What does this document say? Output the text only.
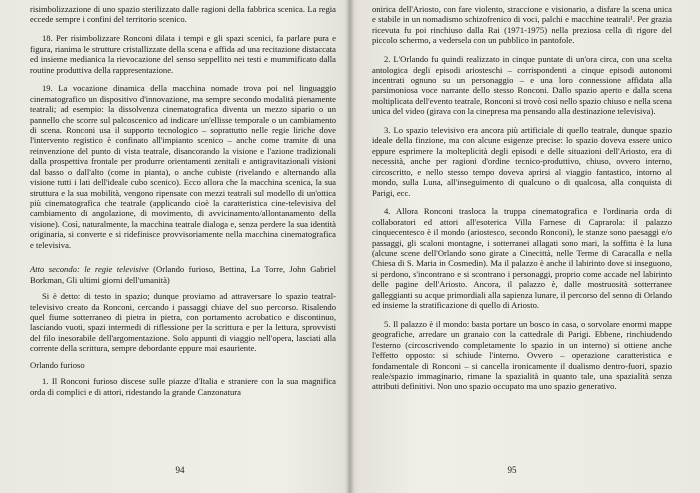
risimbolizzazione di uno spazio sterilizzato dalle ragioni della fabbrica scenica. La regia eccede sempre i confini del territorio scenico.

18. Per risimbolizzare Ronconi dilata i tempi e gli spazi scenici, fa parlare pura e figura, rianima le strutture cristallizzate della scena e affida ad una recitazione distaccata ed insieme medianica la rievocazione del senso seppellito nei testi e mummificato dalla routine produttiva della rappresentazione.

19. La vocazione dinamica della macchina nomade trova poi nel linguaggio cinematografico un dispositivo d'innovazione, ma sempre secondo modalità pienamente teatrali; ad esempio: la dissolvenza cinematografica diventa un mezzo sipario o un pannello che scorre sul palcoscenico ad indicare un'ellisse temporale o un cambiamento di scena. Ronconi usa il supporto tecnologico – soprattutto nelle regie liriche dove l'intervento registico è confinato all'impianto scenico – anche come tramite di una reinvenzione del punto di vista teatrale, disancorando la visione e l'azione tradizionali dalla prospettiva frontale per produrre orientamenti zenitali e antigravitazionali visioni dal basso o dall'alto (come in pianta), o anche cubiste (rivelando e alternando alla visione tutti i lati dell'ideale cubo scenico). Ecco allora che la macchina scenica, la sua struttura e la sua mobilità, vengono ripensate con mezzi teatrali sul modello di un'ottica più cinematografica che teatrale (applicando cioè la caratteristica cine-televisiva del cambiamento di angolazione, di movimento, di avvicinamento/allontanamento della visione). Così, naturalmente, la macchina teatrale dialoga e, senza perdere la sua identità originaria, si converte e si ridefinisce provvisoriamente nella macchina cinematografica e televisiva.

Atto secondo: le regie televisive (Orlando furioso, Bettina, La Torre, John Gabriel Borkman, Gli ultimi giorni dell'umanità)

Si è detto: di testo in spazio; dunque proviamo ad attraversare lo spazio teatral-televisivo creato da Ronconi, cercando i passaggi chiave del suo percorso. Risalendo quel fiume sotterraneo di pietra in pietra, con portamento acrobatico e discontinuo, lasciando vuoti, spazi intermedi di riflessione per la scrittura e per la lettura, sprovvisti del filo inesorabile dell'argomentazione. Solo appunti di viaggio nell'opera, lasciati alla corrente della scrittura, sempre debordante eppure mai esauriente.

Orlando furioso

1. Il Ronconi furioso discese sulle piazze d'Italia e straniere con la sua magnifica orda di complici e di attori, ridestando la grande Canzonatura

94

onirica dell'Ariosto, con fare violento, straccione e visionario, a disfare la scena unica e stabile in un nomadismo schizofrenico di voci, palchi e macchine teatrali¹. Per grazia ricevuta fu poi rinchiuso dalla Rai (1971-1975) nella preziosa cella di rigore del piccolo schermo, a vedersela con un pubblico in pantofole.

2. L'Orlando fu quindi realizzato in cinque puntate di un'ora circa, con una scelta antologica degli episodi ariosteschi – corrispondenti a cinque episodi autonomi incentrati ognuno su un personaggio – e una loro connessione affidata alla parsimoniosa voce narrante dello stesso Ronconi. Dallo spazio aperto e dalla scena moltiplicata dell'evento teatrale, Ronconi si trovò così nello spazio chiuso e nella scena unica del video (girava con la cinepresa ma pensando alla destinazione televisiva).

3. Lo spazio televisivo era ancora più artificiale di quello teatrale, dunque spazio ideale della finzione, ma con alcune esigenze precise: lo spazio doveva essere unico eppure esprimere la molteplicità degli episodi e delle situazioni dell'Ariosto, era di necessità, anche per ragioni d'ordine tecnico-produttivo, chiuso, ovvero interno, circoscritto, e nello stesso tempo doveva aprirsi al viaggio fantastico, intorno al mondo, sulla Luna, all'inseguimento di qualcuno o di qualcosa, alla conquista di Parigi, ecc.

4. Allora Ronconi trasloca la truppa cinematografica e l'ordinaria orda di collaboratori ed attori all'esoterica Villa Farnese di Caprarola: il palazzo cinquecentesco è il mondo (ariostesco, secondo Ronconi), le stanze sono paesaggi e/o passaggi, gli scaloni montagne, i sotterranei allagati sono mari, la soffitta è la luna (alcune scene dell'Orlando sono girate a Cinecittà, nelle Terme di Caracalla e nella Chiesa di S. Maria in Cosmedin). Ma il palazzo è anche il labirinto dove si inseguono, si perdono, s'incontrano e si scontrano i personaggi, proprio come accade nel labirinto delle pagine dell'Ariosto. Ancora, il palazzo è, dalle mostruosità sotterranee galleggianti su acque primordiali alla sapienza lunare, il percorso del senno di Orlando ed insieme la stratificazione di quello di Ariosto.

5. Il palazzo è il mondo: basta portare un bosco in casa, o sorvolare enormi mappe geografiche, arredare un granaio con la cattedrale di Parigi. Ebbene, rinchiudendo l'esterno (circoscrivendo completamente lo spazio in un interno) si ottiene anche l'effetto opposto: si schiude l'interno. Ovvero – operazione caratteristica e fondamentale di Ronconi – si cancella ironicamente il dualismo dentro-fuori, spazio reale/spazio immaginario, rimane la spazialità in quanto tale, una spazialità senza attributi definitivi. Non uno spazio occupato ma uno spazio generativo.

95
